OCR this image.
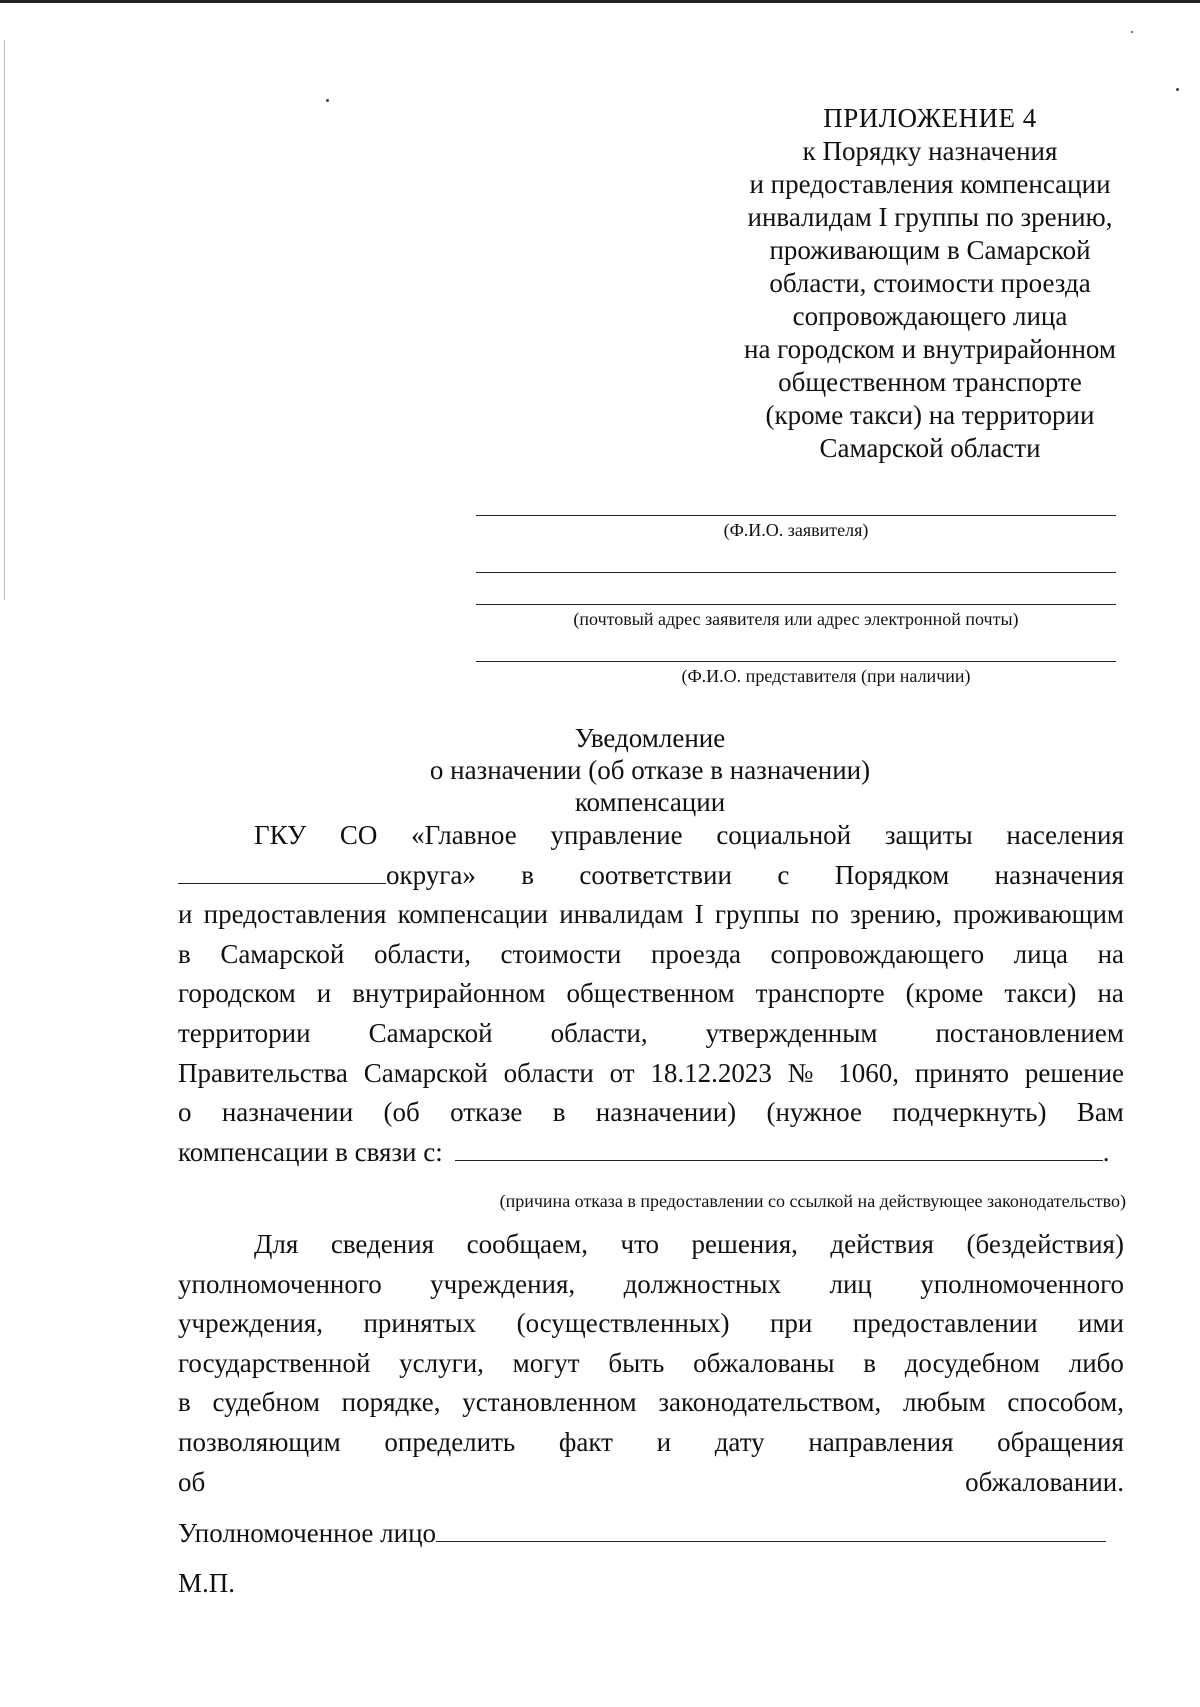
ПРИЛОЖЕНИЕ 4
к Порядку назначения
и предоставления компенсации
инвалидам I группы по зрению,
проживающим в Самарской
области, стоимости проезда
сопровождающего лица
на городском и внутрирайонном
общественном транспорте
(кроме такси) на территории
Самарской области
(Ф.И.О. заявителя)
(почтовый адрес заявителя или адрес электронной почты)
(Ф.И.О. представителя (при наличии)
Уведомление
о назначении (об отказе в назначении)
компенсации
ГКУ СО «Главное управление социальной защиты населения
округа» в соответствии с Порядком назначения
и предоставления компенсации инвалидам I группы по зрению, проживающим
в Самарской области, стоимости проезда сопровождающего лица на
городском и внутрирайонном общественном транспорте (кроме такси) на
территории Самарской области, утвержденным постановлением
Правительства Самарской области от 18.12.2023 № 1060, принято решение
о назначении (об отказе в назначении) (нужное подчеркнуть) Вам
компенсации в связи с:	.
(причина отказа в предоставлении со ссылкой на действующее законодательство)
Для сведения сообщаем, что решения, действия (бездействия)
уполномоченного учреждения, должностных лиц уполномоченного
учреждения, принятых (осуществленных) при предоставлении ими
государственной услуги, могут быть обжалованы в досудебном либо
в судебном порядке, установленном законодательством, любым способом,
позволяющим определить факт и дату направления обращения
об обжаловании.
Уполномоченное лицо
М.П.
